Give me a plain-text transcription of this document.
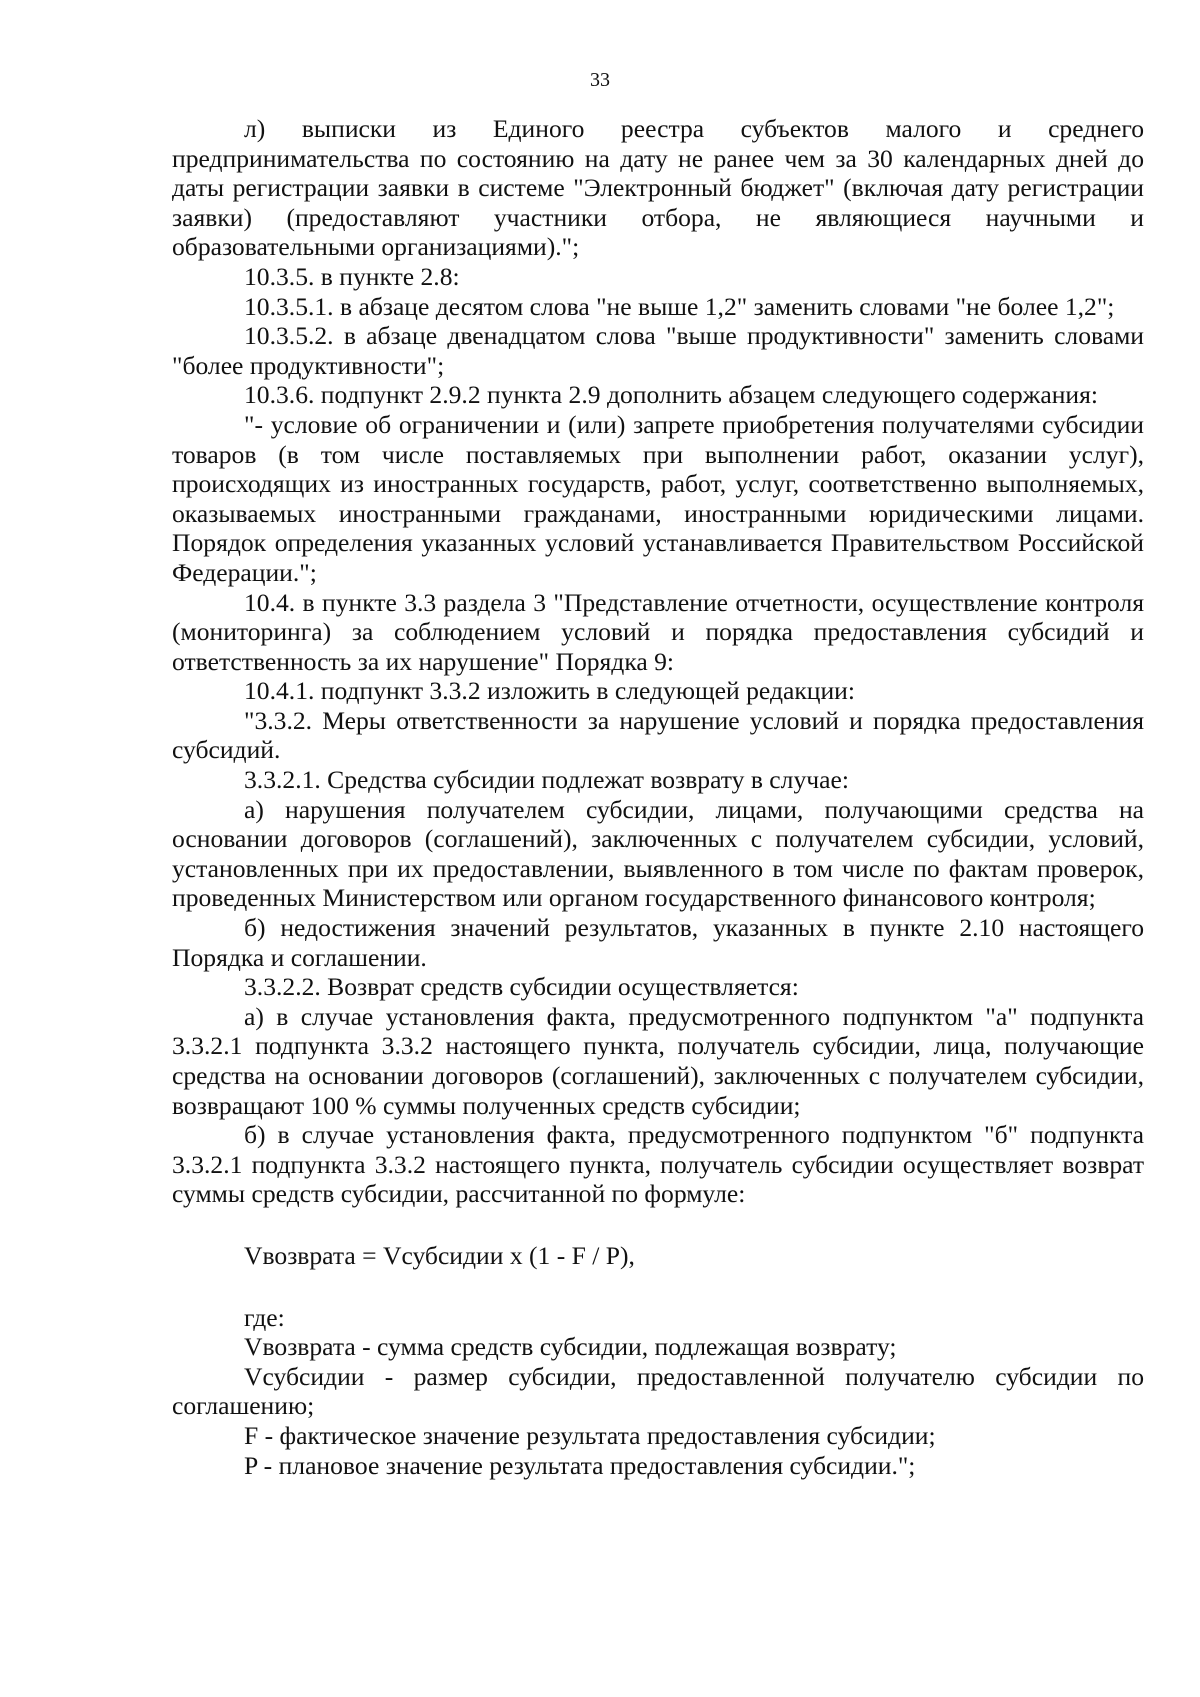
33

л) выписки из Единого реестра субъектов малого и среднего предпринимательства по состоянию на дату не ранее чем за 30 календарных дней до даты регистрации заявки в системе "Электронный бюджет" (включая дату регистрации заявки) (предоставляют участники отбора, не являющиеся научными и образовательными организациями).";

10.3.5. в пункте 2.8:

10.3.5.1. в абзаце десятом слова "не выше 1,2" заменить словами "не более 1,2";

10.3.5.2. в абзаце двенадцатом слова "выше продуктивности" заменить словами "более продуктивности";

10.3.6. подпункт 2.9.2 пункта 2.9 дополнить абзацем следующего содержания:

"- условие об ограничении и (или) запрете приобретения получателями субсидии товаров (в том числе поставляемых при выполнении работ, оказании услуг), происходящих из иностранных государств, работ, услуг, соответственно выполняемых, оказываемых иностранными гражданами, иностранными юридическими лицами. Порядок определения указанных условий устанавливается Правительством Российской Федерации.";

10.4. в пункте 3.3 раздела 3 "Представление отчетности, осуществление контроля (мониторинга) за соблюдением условий и порядка предоставления субсидий и ответственность за их нарушение" Порядка 9:

10.4.1. подпункт 3.3.2 изложить в следующей редакции:

"3.3.2. Меры ответственности за нарушение условий и порядка предоставления субсидий.

3.3.2.1. Средства субсидии подлежат возврату в случае:

а) нарушения получателем субсидии, лицами, получающими средства на основании договоров (соглашений), заключенных с получателем субсидии, условий, установленных при их предоставлении, выявленного в том числе по фактам проверок, проведенных Министерством или органом государственного финансового контроля;

б) недостижения значений результатов, указанных в пункте 2.10 настоящего Порядка и соглашении.

3.3.2.2. Возврат средств субсидии осуществляется:

а) в случае установления факта, предусмотренного подпунктом "а" подпункта 3.3.2.1 подпункта 3.3.2 настоящего пункта, получатель субсидии, лица, получающие средства на основании договоров (соглашений), заключенных с получателем субсидии, возвращают 100 % суммы полученных средств субсидии;

б) в случае установления факта, предусмотренного подпунктом "б" подпункта 3.3.2.1 подпункта 3.3.2 настоящего пункта, получатель субсидии осуществляет возврат суммы средств субсидии, рассчитанной по формуле:

Vвозврата = Vсубсидии x (1 - F / P),

где:

Vвозврата - сумма средств субсидии, подлежащая возврату;

Vсубсидии - размер субсидии, предоставленной получателю субсидии по соглашению;

F - фактическое значение результата предоставления субсидии;

P - плановое значение результата предоставления субсидии.";
